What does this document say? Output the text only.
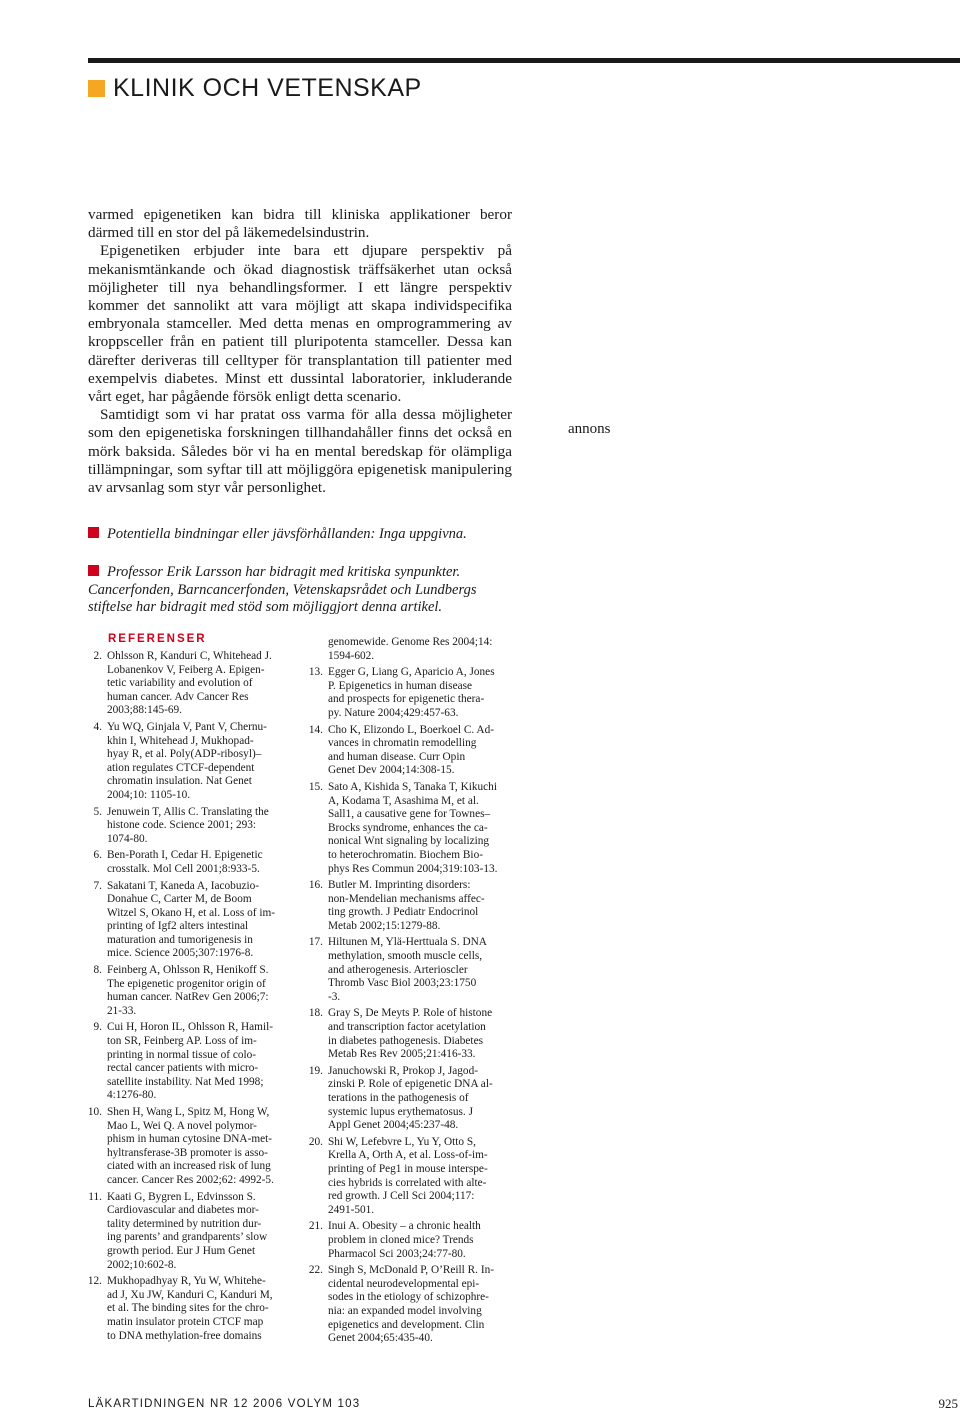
KLINIK OCH VETENSKAP

varmed epigenetiken kan bidra till kliniska applikationer beror därmed till en stor del på läkemedelsindustrin.

Epigenetiken erbjuder inte bara ett djupare perspektiv på mekanismtänkande och ökad diagnostisk träffsäkerhet utan också möjligheter till nya behandlingsformer. I ett längre perspektiv kommer det sannolikt att vara möjligt att skapa individspecifika embryonala stamceller. Med detta menas en omprogrammering av kroppsceller från en patient till pluripotenta stamceller. Dessa kan därefter deriveras till celltyper för transplantation till patienter med exempelvis diabetes. Minst ett dussintal laboratorier, inkluderande vårt eget, har pågående försök enligt detta scenario.

Samtidigt som vi har pratat oss varma för alla dessa möjligheter som den epigenetiska forskningen tillhandahåller finns det också en mörk baksida. Således bör vi ha en mental beredskap för olämpliga tillämpningar, som syftar till att möjliggöra epigenetisk manipulering av arvsanlag som styr vår personlighet.

annons
Potentiella bindningar eller jävsförhållanden: Inga uppgivna.
Professor Erik Larsson har bidragit med kritiska synpunkter. Cancerfonden, Barncancerfonden, Vetenskapsrådet och Lundbergs stiftelse har bidragit med stöd som möjliggjort denna artikel.
REFERENSER
2. Ohlsson R, Kanduri C, Whitehead J.
Lobanenkov V, Feiberg A. Epigen-
tetic variability and evolution of
human cancer. Adv Cancer Res
2003;88:145-69.
4. Yu WQ, Ginjala V, Pant V, Chernu-
khin I, Whitehead J, Mukhopad-
hyay R, et al. Poly(ADP-ribosyl)–
ation regulates CTCF-dependent
chromatin insulation. Nat Genet
2004;10: 1105-10.
5. Jenuwein T, Allis C. Translating the
histone code. Science 2001; 293:
1074-80.
6. Ben-Porath I, Cedar H. Epigenetic
crosstalk. Mol Cell 2001;8:933-5.
7. Sakatani T, Kaneda A, Iacobuzio-
Donahue C, Carter M, de Boom
Witzel S, Okano H, et al. Loss of im-
printing of Igf2 alters intestinal
maturation and tumorigenesis in
mice. Science 2005;307:1976-8.
8. Feinberg A, Ohlsson R, Henikoff S.
The epigenetic progenitor origin of
human cancer. NatRev Gen 2006;7:
21-33.
9. Cui H, Horon IL, Ohlsson R, Hamil-
ton SR, Feinberg AP. Loss of im-
printing in normal tissue of colo-
rectal cancer patients with micro-
satellite instability. Nat Med 1998;
4:1276-80.
10. Shen H, Wang L, Spitz M, Hong W,
Mao L, Wei Q. A novel polymor-
phism in human cytosine DNA-met-
hyltransferase-3B promoter is asso-
ciated with an increased risk of lung
cancer. Cancer Res 2002;62: 4992-5.
11. Kaati G, Bygren L, Edvinsson S.
Cardiovascular and diabetes mor-
tality determined by nutrition dur-
ing parents’ and grandparents’ slow
growth period. Eur J Hum Genet
2002;10:602-8.
12. Mukhopadhyay R, Yu W, Whitehe-
ad J, Xu JW, Kanduri C, Kanduri M,
et al. The binding sites for the chro-
matin insulator protein CTCF map
to DNA methylation-free domains
genomewide. Genome Res 2004;14:
1594-602.
13. Egger G, Liang G, Aparicio A, Jones
P. Epigenetics in human disease
and prospects for epigenetic thera-
py. Nature 2004;429:457-63.
14. Cho K, Elizondo L, Boerkoel C. Ad-
vances in chromatin remodelling
and human disease. Curr Opin
Genet Dev 2004;14:308-15.
15. Sato A, Kishida S, Tanaka T, Kikuchi
A, Kodama T, Asashima M, et al.
Sall1, a causative gene for Townes–
Brocks syndrome, enhances the ca-
nonical Wnt signaling by localizing
to heterochromatin. Biochem Bio-
phys Res Commun 2004;319:103-13.
16. Butler M. Imprinting disorders:
non-Mendelian mechanisms affec-
ting growth. J Pediatr Endocrinol
Metab 2002;15:1279-88.
17. Hiltunen M, Ylä-Herttuala S. DNA
methylation, smooth muscle cells,
and atherogenesis. Arterioscler
Thromb Vasc Biol 2003;23:1750
-3.
18. Gray S, De Meyts P. Role of histone
and transcription factor acetylation
in diabetes pathogenesis. Diabetes
Metab Res Rev 2005;21:416-33.
19. Januchowski R, Prokop J, Jagod-
zinski P. Role of epigenetic DNA al-
terations in the pathogenesis of
systemic lupus erythematosus. J
Appl Genet 2004;45:237-48.
20. Shi W, Lefebvre L, Yu Y, Otto S,
Krella A, Orth A, et al. Loss-of-im-
printing of Peg1 in mouse interspe-
cies hybrids is correlated with alte-
red growth. J Cell Sci 2004;117:
2491-501.
21. Inui A. Obesity – a chronic health
problem in cloned mice? Trends
Pharmacol Sci 2003;24:77-80.
22. Singh S, McDonald P, O’Reill R. In-
cidental neurodevelopmental epi-
sodes in the etiology of schizophre-
nia: an expanded model involving
epigenetics and development. Clin
Genet 2004;65:435-40.
LÄKARTIDNINGEN NR 12 2006 VOLYM 103	925
